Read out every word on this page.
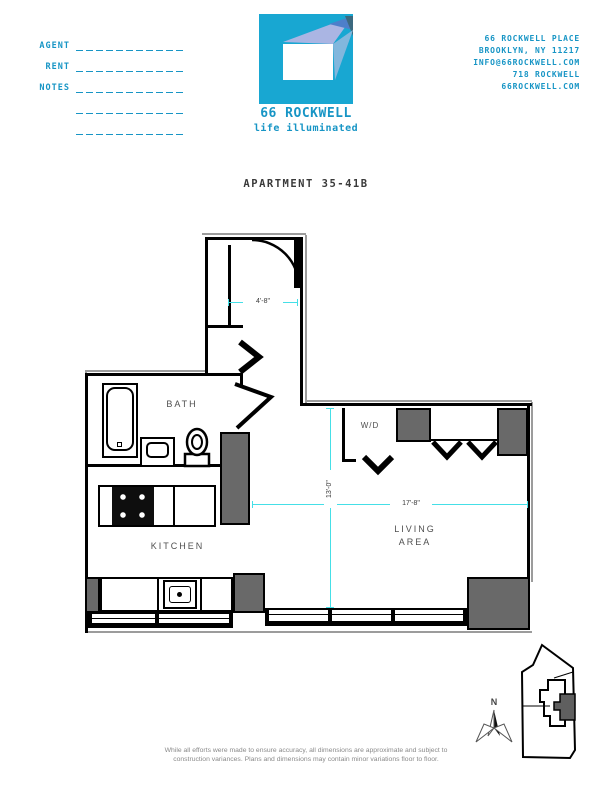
AGENT
RENT
NOTES
66 ROCKWELL
life illuminated
66 ROCKWELL PLACE
BROOKLYN, NY 11217
INFO@66ROCKWELL.COM
718 ROCKWELL
66ROCKWELL.COM
APARTMENT 35-41B
BATH
KITCHEN
LIVING
AREA
W/D
4'-8"
17'-8"
13'-0"
N
While all efforts were made to ensure accuracy, all dimensions are approximate and subject to
construction variances. Plans and dimensions may contain minor variations floor to floor.
